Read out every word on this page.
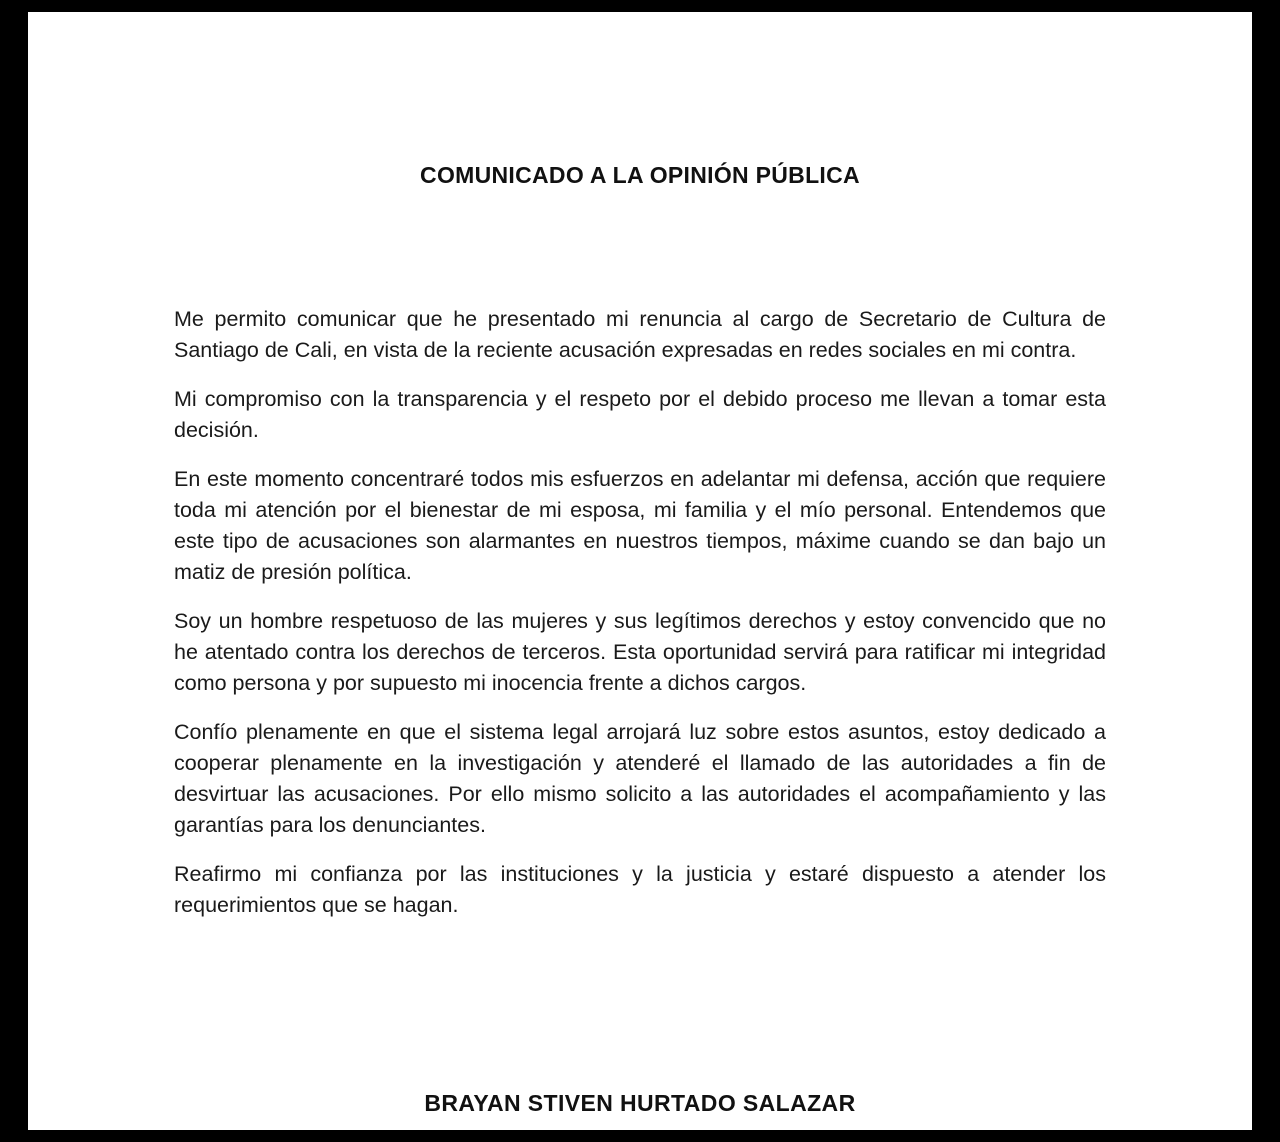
COMUNICADO A LA OPINIÓN PÚBLICA

Me permito comunicar que he presentado mi renuncia al cargo de Secretario de Cultura de Santiago de Cali, en vista de la reciente acusación expresadas en redes sociales en mi contra.

Mi compromiso con la transparencia y el respeto por el debido proceso me llevan a tomar esta decisión.

En este momento concentraré todos mis esfuerzos en adelantar mi defensa, acción que requiere toda mi atención por el bienestar de mi esposa, mi familia y el mío personal. Entendemos que este tipo de acusaciones son alarmantes en nuestros tiempos, máxime cuando se dan bajo un matiz de presión política.

Soy un hombre respetuoso de las mujeres y sus legítimos derechos y estoy convencido que no he atentado contra los derechos de terceros. Esta oportunidad servirá para ratificar mi integridad como persona y por supuesto mi inocencia frente a dichos cargos.

Confío plenamente en que el sistema legal arrojará luz sobre estos asuntos, estoy dedicado a cooperar plenamente en la investigación y atenderé el llamado de las autoridades a fin de desvirtuar las acusaciones. Por ello mismo solicito a las autoridades el acompañamiento y las garantías para los denunciantes.

Reafirmo mi confianza por las instituciones y la justicia y estaré dispuesto a atender los requerimientos que se hagan.

BRAYAN STIVEN HURTADO SALAZAR
